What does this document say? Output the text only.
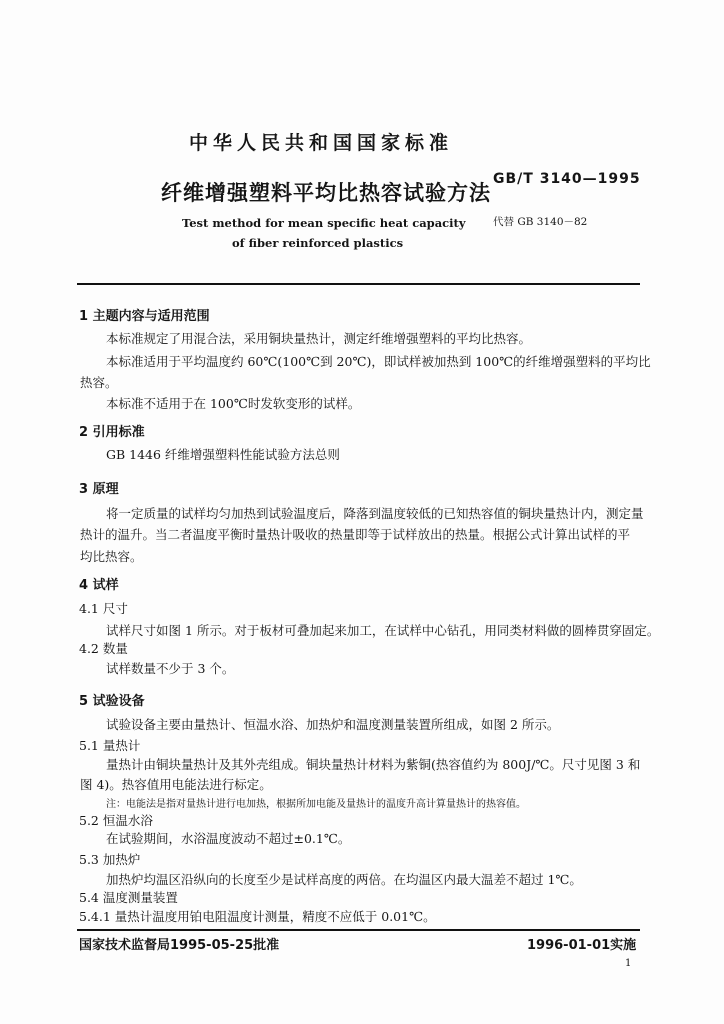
中华人民共和国国家标准
纤维增强塑料平均比热容试验方法
Test method for mean specific heat capacity
of fiber reinforced plastics
GB/T 3140—1995
代替 GB 3140－82
1 主题内容与适用范围
本标准规定了用混合法，采用铜块量热计，测定纤维增强塑料的平均比热容。
本标准适用于平均温度约 60℃(100℃到 20℃)，即试样被加热到 100℃的纤维增强塑料的平均比
热容。
本标准不适用于在 100℃时发软变形的试样。
2 引用标准
GB 1446 纤维增强塑料性能试验方法总则
3 原理
将一定质量的试样均匀加热到试验温度后，降落到温度较低的已知热容值的铜块量热计内，测定量
热计的温升。当二者温度平衡时量热计吸收的热量即等于试样放出的热量。根据公式计算出试样的平
均比热容。
4 试样
4.1 尺寸
试样尺寸如图 1 所示。对于板材可叠加起来加工，在试样中心钻孔，用同类材料做的圆棒贯穿固定。
4.2 数量
试样数量不少于 3 个。
5 试验设备
试验设备主要由量热计、恒温水浴、加热炉和温度测量装置所组成，如图 2 所示。
5.1 量热计
量热计由铜块量热计及其外壳组成。铜块量热计材料为紫铜(热容值约为 800J/℃。尺寸见图 3 和
图 4)。热容值用电能法进行标定。
注：电能法是指对量热计进行电加热，根据所加电能及量热计的温度升高计算量热计的热容值。
5.2 恒温水浴
在试验期间，水浴温度波动不超过±0.1℃。
5.3 加热炉
加热炉均温区沿纵向的长度至少是试样高度的两倍。在均温区内最大温差不超过 1℃。
5.4 温度测量装置
5.4.1 量热计温度用铂电阻温度计测量，精度不应低于 0.01℃。
国家技术监督局1995-05-25批准	1996-01-01实施
1
